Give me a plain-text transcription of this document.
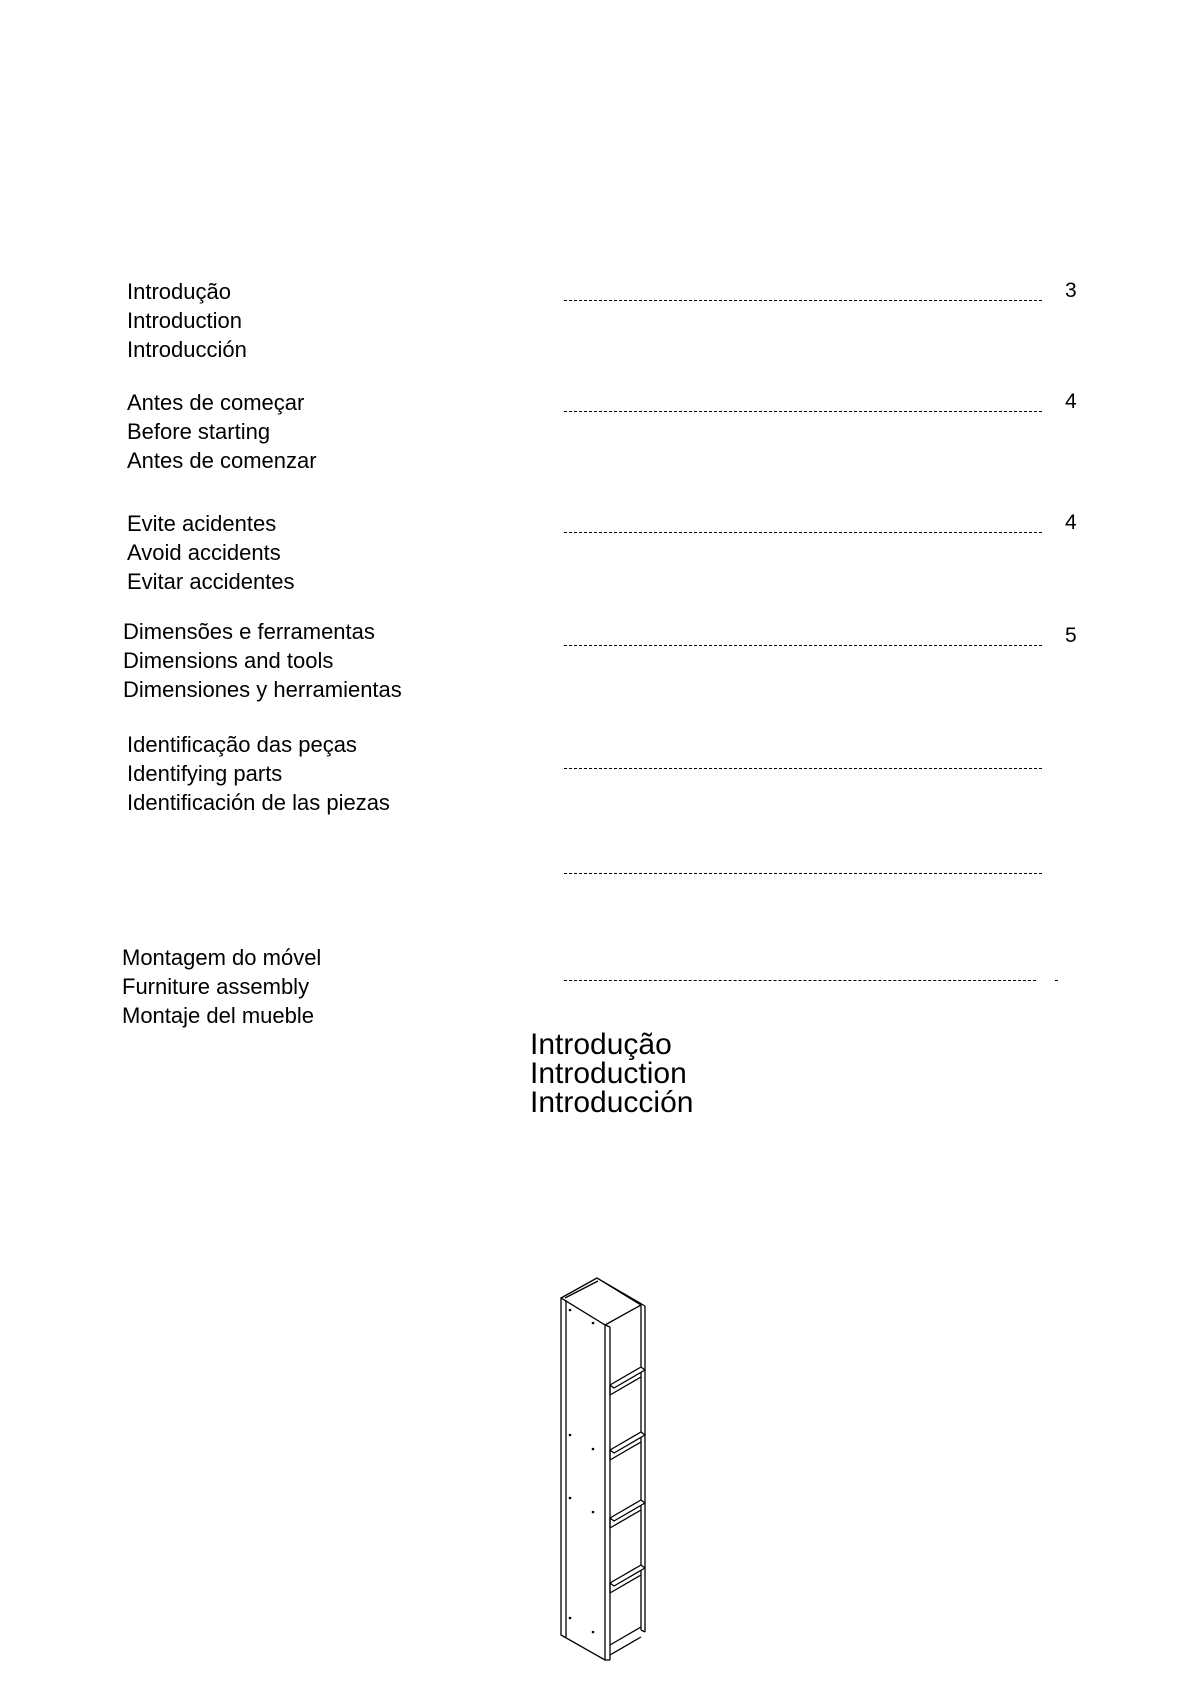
Introdução
Introduction
Introducción
3
Antes de começar
Before starting
Antes de comenzar
4
Evite acidentes
Avoid accidents
Evitar accidentes
4
Dimensões e ferramentas
Dimensions and tools
Dimensiones y herramientas
5
Identificação das peças
Identifying parts
Identificación de las piezas
Montagem do móvel
Furniture assembly
Montaje del mueble
Introdução
Introduction
Introducción
